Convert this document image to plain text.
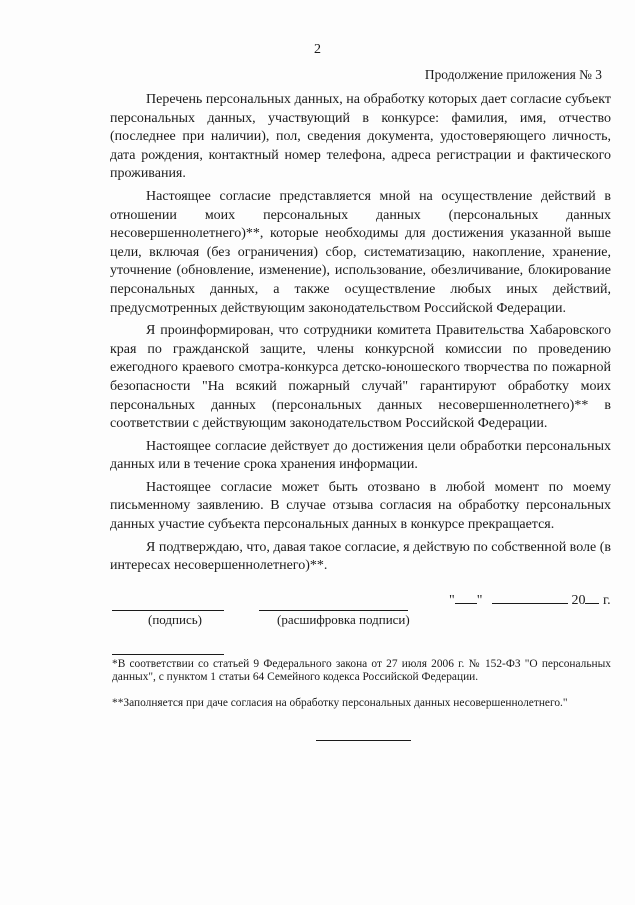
2
Продолжение приложения № 3

Перечень персональных данных, на обработку которых дает согласие субъект персональных данных, участвующий в конкурсе: фамилия, имя, отчество (последнее при наличии), пол, сведения документа, удостоверяющего личность, дата рождения, контактный номер телефона, адреса регистрации и фактического проживания.

Настоящее согласие представляется мной на осуществление действий в отношении моих персональных данных (персональных данных несовершеннолетнего)**, которые необходимы для достижения указанной выше цели, включая (без ограничения) сбор, систематизацию, накопление, хранение, уточнение (обновление, изменение), использование, обезличивание, блокирование персональных данных, а также осуществление любых иных действий, предусмотренных действующим законодательством Российской Федерации.

Я проинформирован, что сотрудники комитета Правительства Хабаровского края по гражданской защите, члены конкурсной комиссии по проведению ежегодного краевого смотра-конкурса детско-юношеского творчества по пожарной безопасности "На всякий пожарный случай" гарантируют обработку моих персональных данных (персональных данных несовершеннолетнего)** в соответствии с действующим законодательством Российской Федерации.

Настоящее согласие действует до достижения цели обработки персональных данных или в течение срока хранения информации.

Настоящее согласие может быть отозвано в любой момент по моему письменному заявлению. В случае отзыва согласия на обработку персональных данных участие субъекта персональных данных в конкурсе прекращается.

Я подтверждаю, что, давая такое согласие, я действую по собственной воле (в интересах несовершеннолетнего)**.

(подпись)	(расшифровка подписи)
" "	20 г.
*В соответствии со статьей 9 Федерального закона от 27 июля 2006 г. № 152-ФЗ "О персональных данных", с пунктом 1 статьи 64 Семейного кодекса Российской Федерации.
**Заполняется при даче согласия на обработку персональных данных несовершеннолетнего."
